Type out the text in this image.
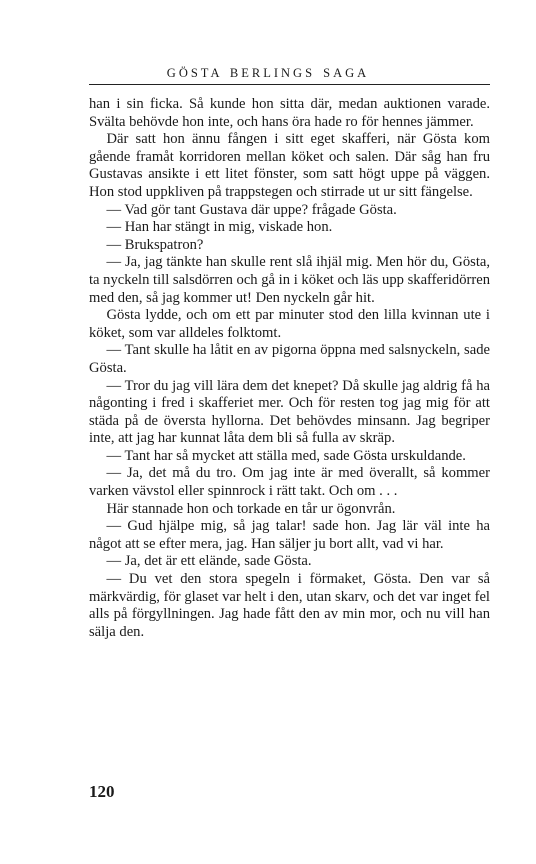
GÖSTA BERLINGS SAGA

han i sin ficka. Så kunde hon sitta där, medan auktionen varade. Svälta behövde hon inte, och hans öra hade ro för hennes jämmer.

Där satt hon ännu fången i sitt eget skafferi, när Gösta kom gående framåt korridoren mellan köket och salen. Där såg han fru Gustavas ansikte i ett litet fönster, som satt högt uppe på väggen. Hon stod uppkliven på trappstegen och stirrade ut ur sitt fängelse.

— Vad gör tant Gustava där uppe? frågade Gösta.

— Han har stängt in mig, viskade hon.

— Brukspatron?

— Ja, jag tänkte han skulle rent slå ihjäl mig. Men hör du, Gösta, ta nyckeln till salsdörren och gå in i köket och läs upp skafferidörren med den, så jag kommer ut! Den nyckeln går hit.

Gösta lydde, och om ett par minuter stod den lilla kvinnan ute i köket, som var alldeles folktomt.

— Tant skulle ha låtit en av pigorna öppna med salsnyckeln, sade Gösta.

— Tror du jag vill lära dem det knepet? Då skulle jag aldrig få ha någonting i fred i skafferiet mer. Och för resten tog jag mig för att städa på de översta hyllorna. Det behövdes minsann. Jag begriper inte, att jag har kunnat låta dem bli så fulla av skräp.

— Tant har så mycket att ställa med, sade Gösta urskuldande.

— Ja, det må du tro. Om jag inte är med överallt, så kommer varken vävstol eller spinnrock i rätt takt. Och om . . .

Här stannade hon och torkade en tår ur ögonvrån.

— Gud hjälpe mig, så jag talar! sade hon. Jag lär väl inte ha något att se efter mera, jag. Han säljer ju bort allt, vad vi har.

— Ja, det är ett elände, sade Gösta.

— Du vet den stora spegeln i förmaket, Gösta. Den var så märkvärdig, för glaset var helt i den, utan skarv, och det var inget fel alls på förgyllningen. Jag hade fått den av min mor, och nu vill han sälja den.

120
